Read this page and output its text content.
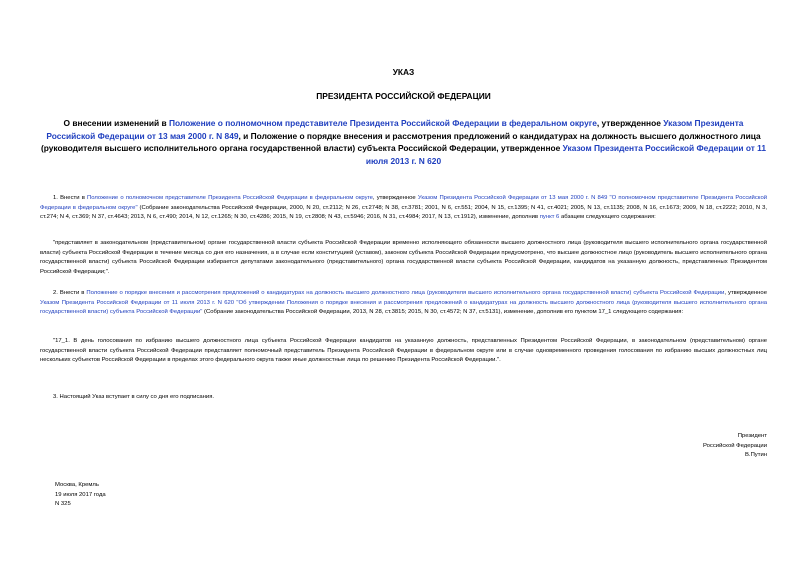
УКАЗ
ПРЕЗИДЕНТА РОССИЙСКОЙ ФЕДЕРАЦИИ
О внесении изменений в Положение о полномочном представителе Президента Российской Федерации в федеральном округе, утвержденное Указом Президента Российской Федерации от 13 мая 2000 г. N 849, и Положение о порядке внесения и рассмотрения предложений о кандидатурах на должность высшего должностного лица (руководителя высшего исполнительного органа государственной власти) субъекта Российской Федерации, утвержденное Указом Президента Российской Федерации от 11 июля 2013 г. N 620
1. Внести в Положение о полномочном представителе Президента Российской Федерации в федеральном округе, утвержденное Указом Президента Российской Федерации от 13 мая 2000 г. N 849 "О полномочном представителе Президента Российской Федерации в федеральном округе" (Собрание законодательства Российской Федерации, 2000, N 20, ст.2112; N 26, ст.2748; N 38, ст.3781; 2001, N 6, ст.551; 2004, N 15, ст.1395; N 41, ст.4021; 2005, N 13, ст.1135; 2008, N 16, ст.1673; 2009, N 18, ст.2222; 2010, N 3, ст.274; N 4, ст.369; N 37, ст.4643; 2013, N 6, ст.490; 2014, N 12, ст.1265; N 30, ст.4286; 2015, N 19, ст.2808; N 43, ст.5946; 2016, N 31, ст.4984; 2017, N 13, ст.1912), изменение, дополнив пункт 6 абзацем следующего содержания:
"представляет в законодательном (представительном) органе государственной власти субъекта Российской Федерации временно исполняющего обязанности высшего должностного лица (руководителя высшего исполнительного органа государственной власти) субъекта Российской Федерации в течение месяца со дня его назначения, а в случае если конституцией (уставом), законом субъекта Российской Федерации предусмотрено, что высшее должностное лицо (руководитель высшего исполнительного органа государственной власти) субъекта Российской Федерации избирается депутатами законодательного (представительного) органа государственной власти субъекта Российской Федерации, кандидатов на указанную должность, представленных Президентом Российской Федерации;".
2. Внести в Положение о порядке внесения и рассмотрения предложений о кандидатурах на должность высшего должностного лица (руководителя высшего исполнительного органа государственной власти) субъекта Российской Федерации, утвержденное Указом Президента Российской Федерации от 11 июля 2013 г. N 620 "Об утверждении Положения о порядке внесения и рассмотрения предложений о кандидатурах на должность высшего должностного лица (руководителя высшего исполнительного органа государственной власти) субъекта Российской Федерации" (Собрание законодательства Российской Федерации, 2013, N 28, ст.3815; 2015, N 30, ст.4572; N 37, ст.5131), изменение, дополнив его пунктом 17_1 следующего содержания:
"17_1. В день голосования по избранию высшего должностного лица субъекта Российской Федерации кандидатов на указанную должность, представленных Президентом Российской Федерации, в законодательном (представительном) органе государственной власти субъекта Российской Федерации представляет полномочный представитель Президента Российской Федерации в федеральном округе или в случае одновременного проведения голосования по избранию высших должностных лиц нескольких субъектов Российской Федерации в пределах этого федерального округа также иные должностные лица по решению Президента Российской Федерации.".
3. Настоящий Указ вступает в силу со дня его подписания.
Президент
Российской Федерации
В.Путин
Москва, Кремль
19 июля 2017 года
N 325
